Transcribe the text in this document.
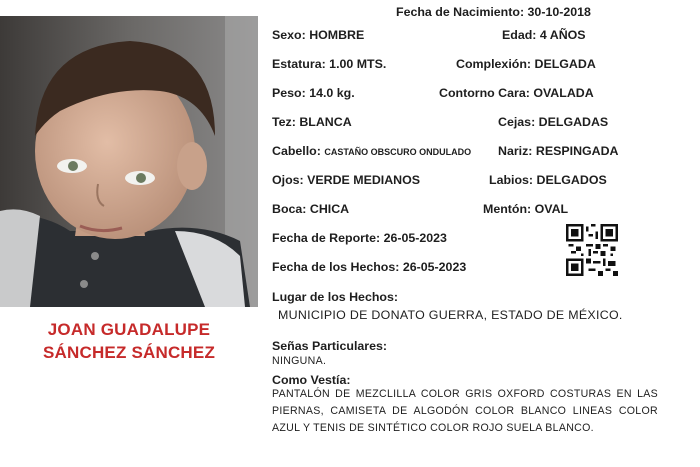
JOAN GUADALUPE
SÁNCHEZ SÁNCHEZ
Fecha de Nacimiento: 30-10-2018
Sexo: HOMBRE	Edad: 4 AÑOS
Estatura: 1.00 MTS.	Complexión: DELGADA
Peso: 14.0 kg.	Contorno Cara: OVALADA
Tez: BLANCA	Cejas: DELGADAS
Cabello: CASTAÑO OBSCURO ONDULADO Nariz: RESPINGADA
Ojos: VERDE MEDIANOS	Labios: DELGADOS
Boca: CHICA	Mentón: OVAL
Fecha de Reporte: 26-05-2023
Fecha de los Hechos: 26-05-2023
Lugar de los Hechos:
MUNICIPIO DE DONATO GUERRA, ESTADO DE MÉXICO.
Señas Particulares:
NINGUNA.
Como Vestía:
PANTALÓN DE MEZCLILLA COLOR GRIS OXFORD COSTURAS EN LAS PIERNAS, CAMISETA DE ALGODÓN COLOR BLANCO LINEAS COLOR AZUL Y TENIS DE SINTÉTICO COLOR ROJO SUELA BLANCO.
